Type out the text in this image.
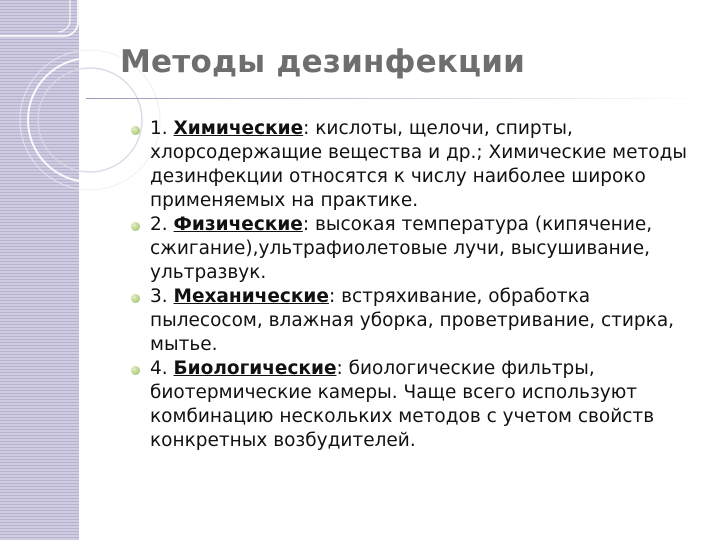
Методы дезинфекции
1. Химические: кислоты, щелочи, спирты, хлорсодержащие вещества и др.; Химические методы дезинфекции относятся к числу наиболее широко применяемых на практике.
2. Физические: высокая температура (кипячение, сжигание),ультрафиолетовые лучи, высушивание, ультразвук.
3. Механические: встряхивание, обработка пылесосом, влажная уборка, проветривание, стирка, мытье.
4. Биологические: биологические фильтры, биотермические камеры. Чаще всего используют комбинацию нескольких методов с учетом свойств конкретных возбудителей.
